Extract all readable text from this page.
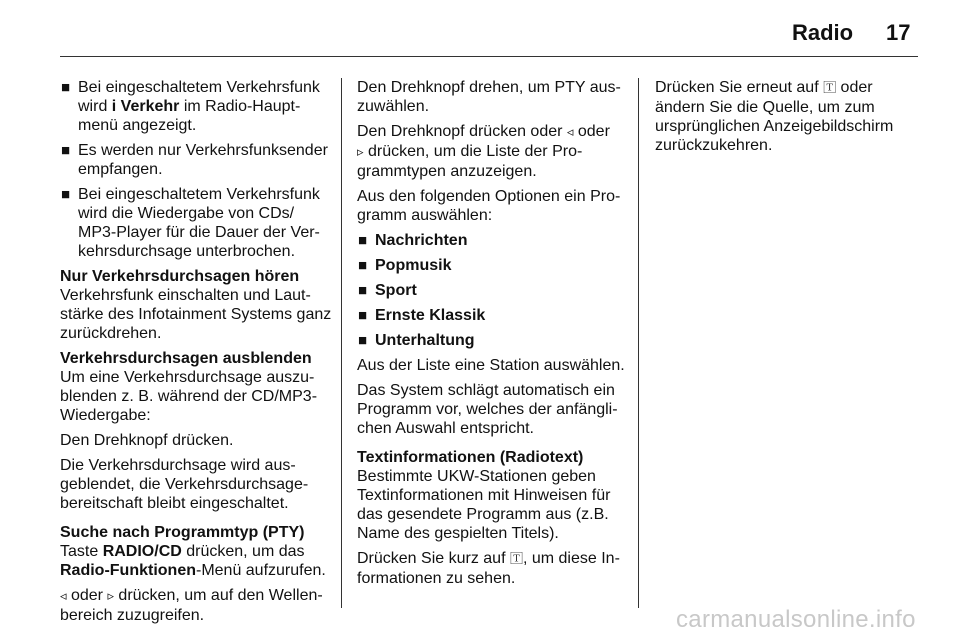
Radio 17
■ Bei eingeschaltetem Verkehrsfunk wird i Verkehr im Radio-Hauptmenü angezeigt.
■ Es werden nur Verkehrsfunksender empfangen.
■ Bei eingeschaltetem Verkehrsfunk wird die Wiedergabe von CDs/ MP3-Player für die Dauer der Verkehrsdurchsage unterbrochen.

Nur Verkehrsdurchsagen hören

Verkehrsfunk einschalten und Lautstärke des Infotainment Systems ganz zurückdrehen.

Verkehrsdurchsagen ausblenden

Um eine Verkehrsdurchsage auszublenden z. B. während der CD/MP3-Wiedergabe:

Den Drehknopf drücken.

Die Verkehrsdurchsage wird ausgeblendet, die Verkehrsdurchsagebereitschaft bleibt eingeschaltet.

Suche nach Programmtyp (PTY)

Taste RADIO/CD drücken, um das Radio-Funktionen-Menü aufzurufen.

◃ oder ▹ drücken, um auf den Wellenbereich zuzugreifen.

Den Drehknopf drehen, um PTY auszuwählen.

Den Drehknopf drücken oder ◃ oder
▹ drücken, um die Liste der Programmtypen anzuzeigen.

Aus den folgenden Optionen ein Programm auswählen:

■ Nachrichten
■ Popmusik
■ Sport
■ Ernste Klassik
■ Unterhaltung

Aus der Liste eine Station auswählen.

Das System schlägt automatisch ein Programm vor, welches der anfänglichen Auswahl entspricht.

Textinformationen (Radiotext)

Bestimmte UKW-Stationen geben Textinformationen mit Hinweisen für das gesendete Programm aus (z.B. Name des gespielten Titels).

Drücken Sie kurz auf 🅃, um diese Informationen zu sehen.

Drücken Sie erneut auf 🅃 oder ändern Sie die Quelle, um zum ursprünglichen Anzeigebildschirm zurückzukehren.

carmanualsonline.info
